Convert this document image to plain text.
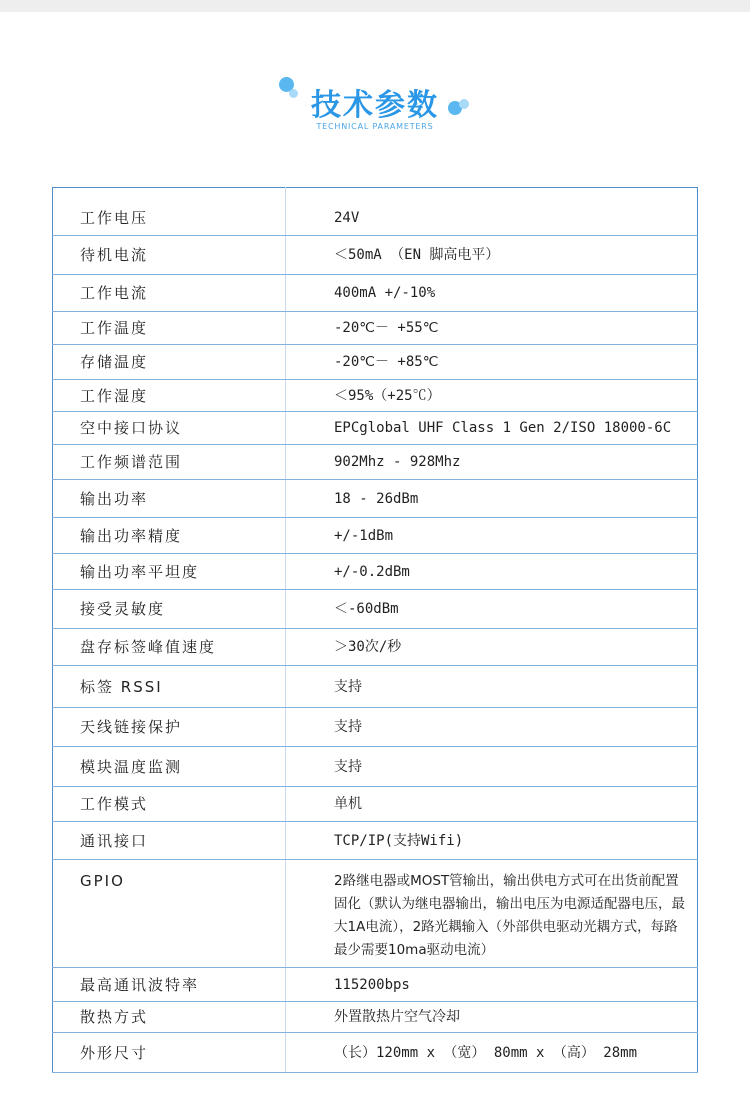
技术参数
TECHNICAL PARAMETERS
工作电压	24V
待机电流	＜50mA （EN 脚高电平）
工作电流	400mA +/-10%
工作温度	-20℃－ +55℃
存储温度	-20℃－ +85℃
工作湿度	＜95%（+25℃）
空中接口协议	EPCglobal UHF Class 1 Gen 2/ISO 18000-6C
工作频谱范围	902Mhz - 928Mhz
输出功率	18 - 26dBm
输出功率精度	+/-1dBm
输出功率平坦度	+/-0.2dBm
接受灵敏度	＜-60dBm
盘存标签峰值速度	＞30次/秒
标签 RSSI	支持
天线链接保护	支持
模块温度监测	支持
工作模式	单机
通讯接口	TCP/IP(支持Wifi)
GPIO	2路继电器或MOST管输出，输出供电方式可在出货前配置固化（默认为继电器输出，输出电压为电源适配器电压，最大1A电流），2路光耦输入（外部供电驱动光耦方式，每路最少需要10ma驱动电流）
最高通讯波特率	115200bps
散热方式	外置散热片空气冷却
外形尺寸	（长）120mm x （宽） 80mm x （高） 28mm
